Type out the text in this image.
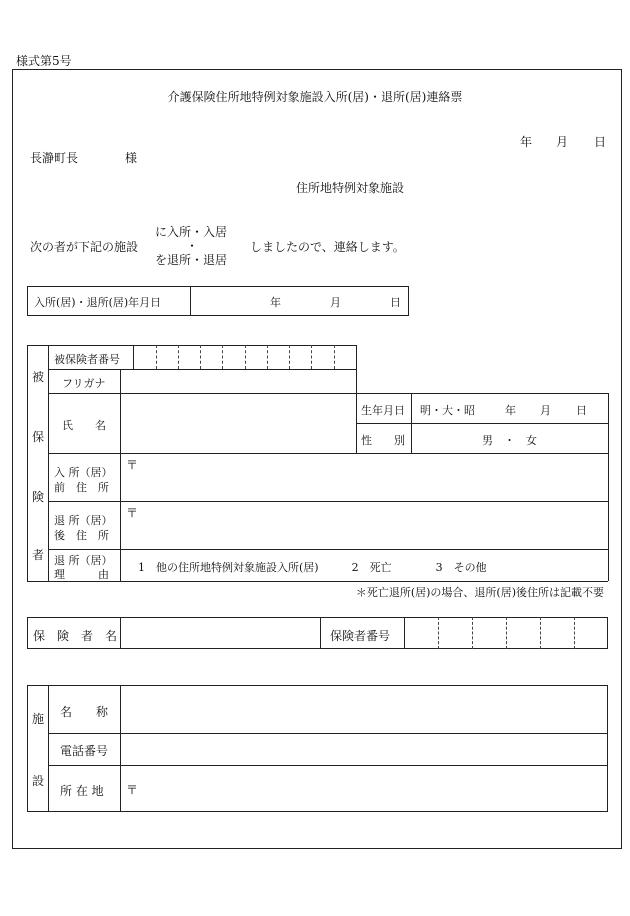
様式第5号
介護保険住所地特例対象施設入所(居)・退所(居)連絡票
年 月 日
長瀞町長	様
住所地特例対象施設
次の者が下記の施設
に入所・入居
・
を退所・退居
しましたので、連絡します。
入所(居)・退所(居)年月日	年	月	日
被
保
険
者
被保険者番号
フリガナ
氏　　名
生年月日 明・大・昭	年 月 日
性　　別	男　・　女
入 所（居）
前　住　所
〒
退 所（居）
後　住　所
〒
退 所（居）
理　　　由
1　他の住所地特例対象施設入所(居)　　　2　死亡　　　　3　その他
＊死亡退所(居)の場合、退所(居)後住所は記載不要
保　険　者　名	保険者番号
施
設
名　　称
電話番号
所 在 地 〒
